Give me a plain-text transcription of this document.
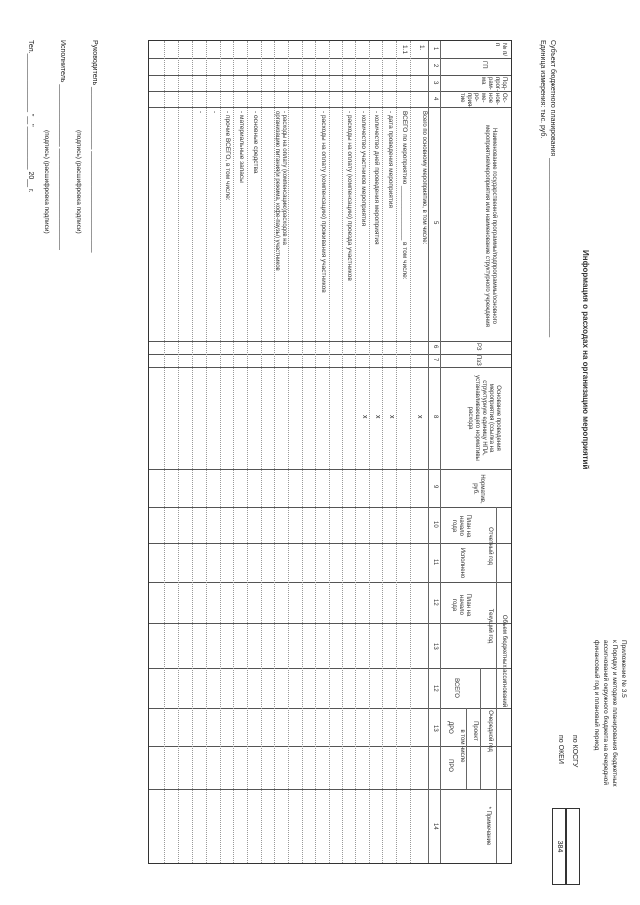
Приложение № 3.5
к Порядку и методике планирования бюджетных
ассигнований окружного бюджета на очередной
финансовый год и плановый период
Информация о расходах на организацию мероприятий
по КОСГУ
по ОКЕИ
384
Субъект бюджетного планирования ______________________________________________
Единица измерения: тыс. руб.
№ п/п
ГП
Под-прог-рам-ма
Ос-нов-ное ме-ро-прия-тие
Наименование государственной программы/подпрограммы/основного мероприятия/мероприятия или наименование структурного учреждения
РЗ
ПзЗ
Основание проведения мероприятия (ссылка на структурную единицу НПА, устанавливающего нормативы расхода
Норматив, руб.
Объем бюджетных ассигнований
Отчетный год
План на начало года
Исполнено
Текущий год
План на начало года
Очередной год
Проект
ВСЕГО
в том числе
ДРО
ПРО
* Примечание
1
2
3
4
5
6
7
8
9
10
11
12
13
12
13
14
1.
Всего по основному мероприятию, в том числе:
x
1.1
ВСЕГО по мероприятию _______________ в том числе:
- дата проведения мероприятия
x
- количество дней проведения мероприятия
x
- количество участников мероприятия
x
- расходы на оплату (компенсацию) проезда участников
- расходы на оплату (компенсацию) проживания участников
- расходы на оплату (компенсацию)расходов на организацию питания(и режима, кофе-паузы) участников
- основные средства
- материальные запасы
- прочие ВСЕГО, в том числе:
-
-
Руководитель ________________ __________________________
(подпись) (расшифровка подписи)
Исполнитель ________________ __________________________
(подпись) (расшифровка подписи)
Тел._______________ "__"___________ 20__ г.
